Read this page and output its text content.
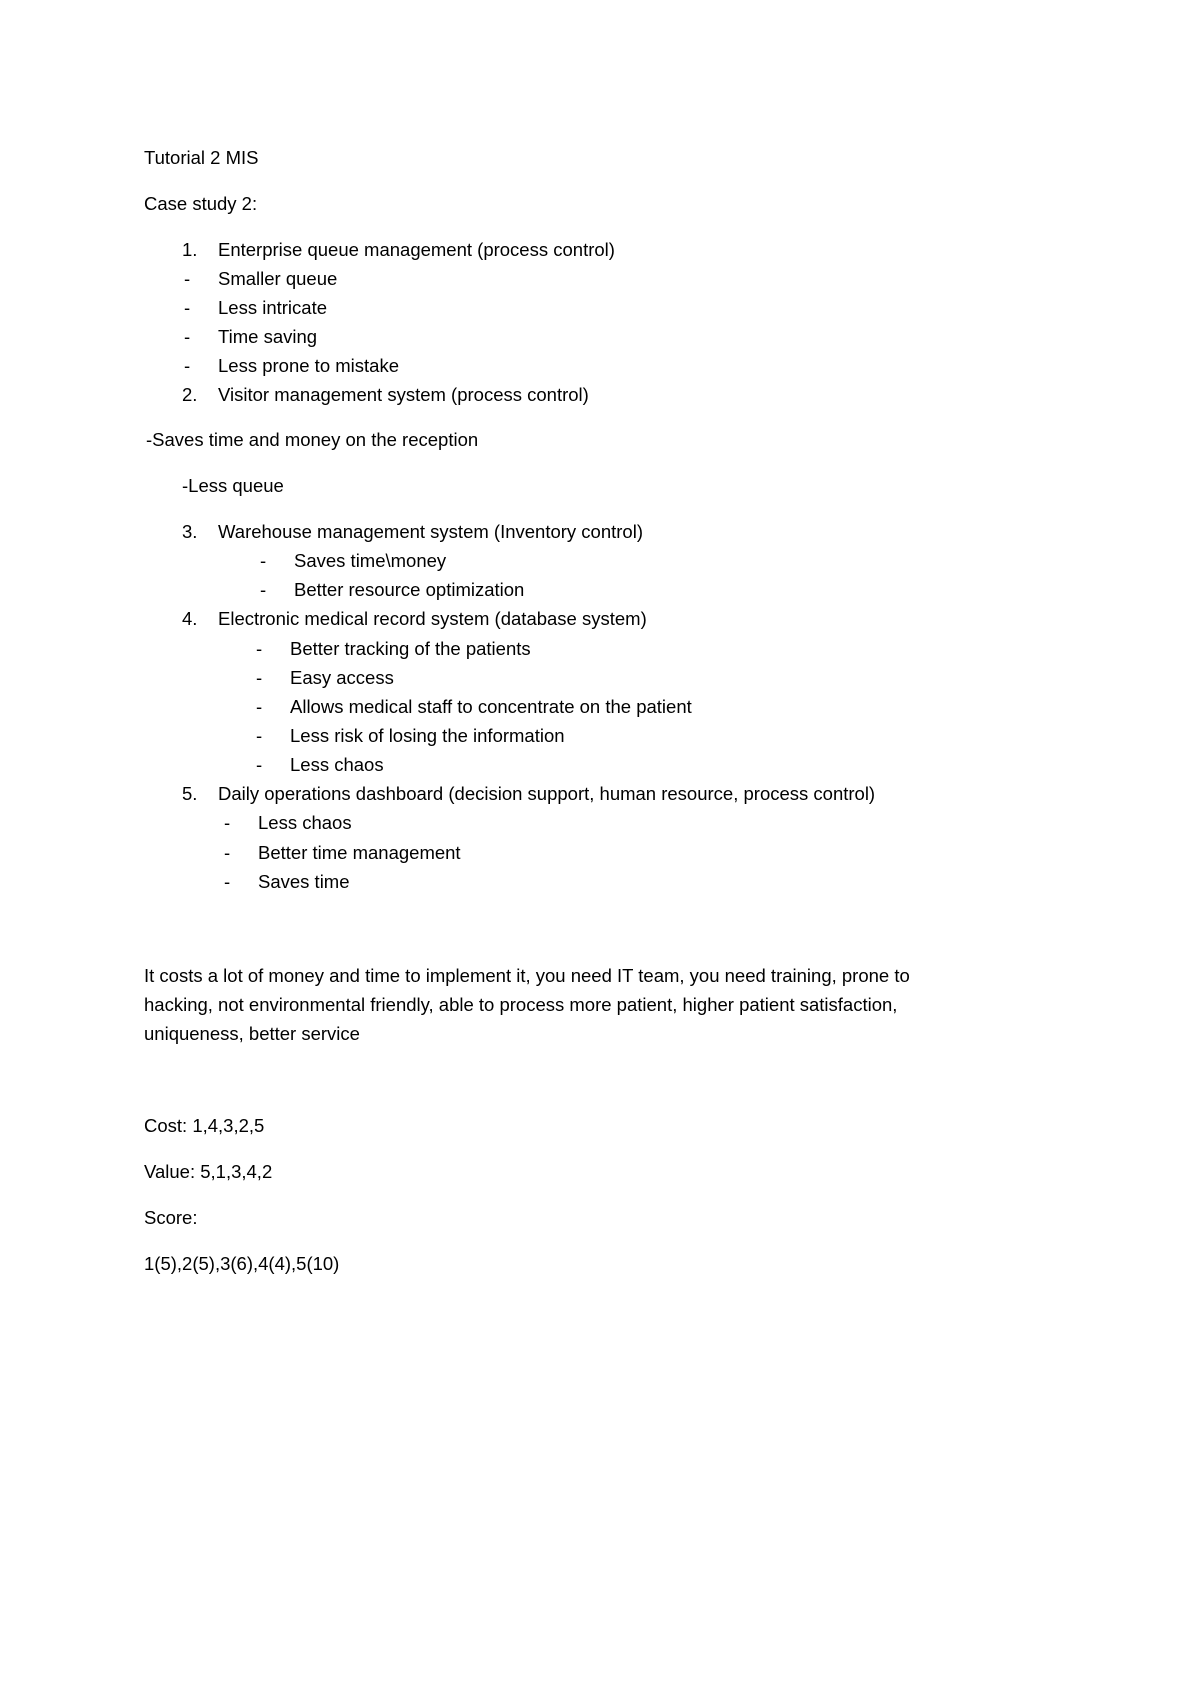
Tutorial 2 MIS
Case study 2:
1. Enterprise queue management (process control)
- Smaller queue
- Less intricate
- Time saving
- Less prone to mistake
2. Visitor management system (process control)
-Saves time and money on the reception
-Less queue
3. Warehouse management system (Inventory control)
- Saves time\money
- Better resource optimization
4. Electronic medical record system (database system)
- Better tracking of the patients
- Easy access
- Allows medical staff to concentrate on the patient
- Less risk of losing the information
- Less chaos
5. Daily operations dashboard (decision support, human resource, process control)
- Less chaos
- Better time management
- Saves time
It costs a lot of money and time to implement it, you need IT team, you need training, prone to
hacking, not environmental friendly, able to process more patient, higher patient satisfaction,
uniqueness, better service
Cost: 1,4,3,2,5
Value: 5,1,3,4,2
Score:
1(5),2(5),3(6),4(4),5(10)
